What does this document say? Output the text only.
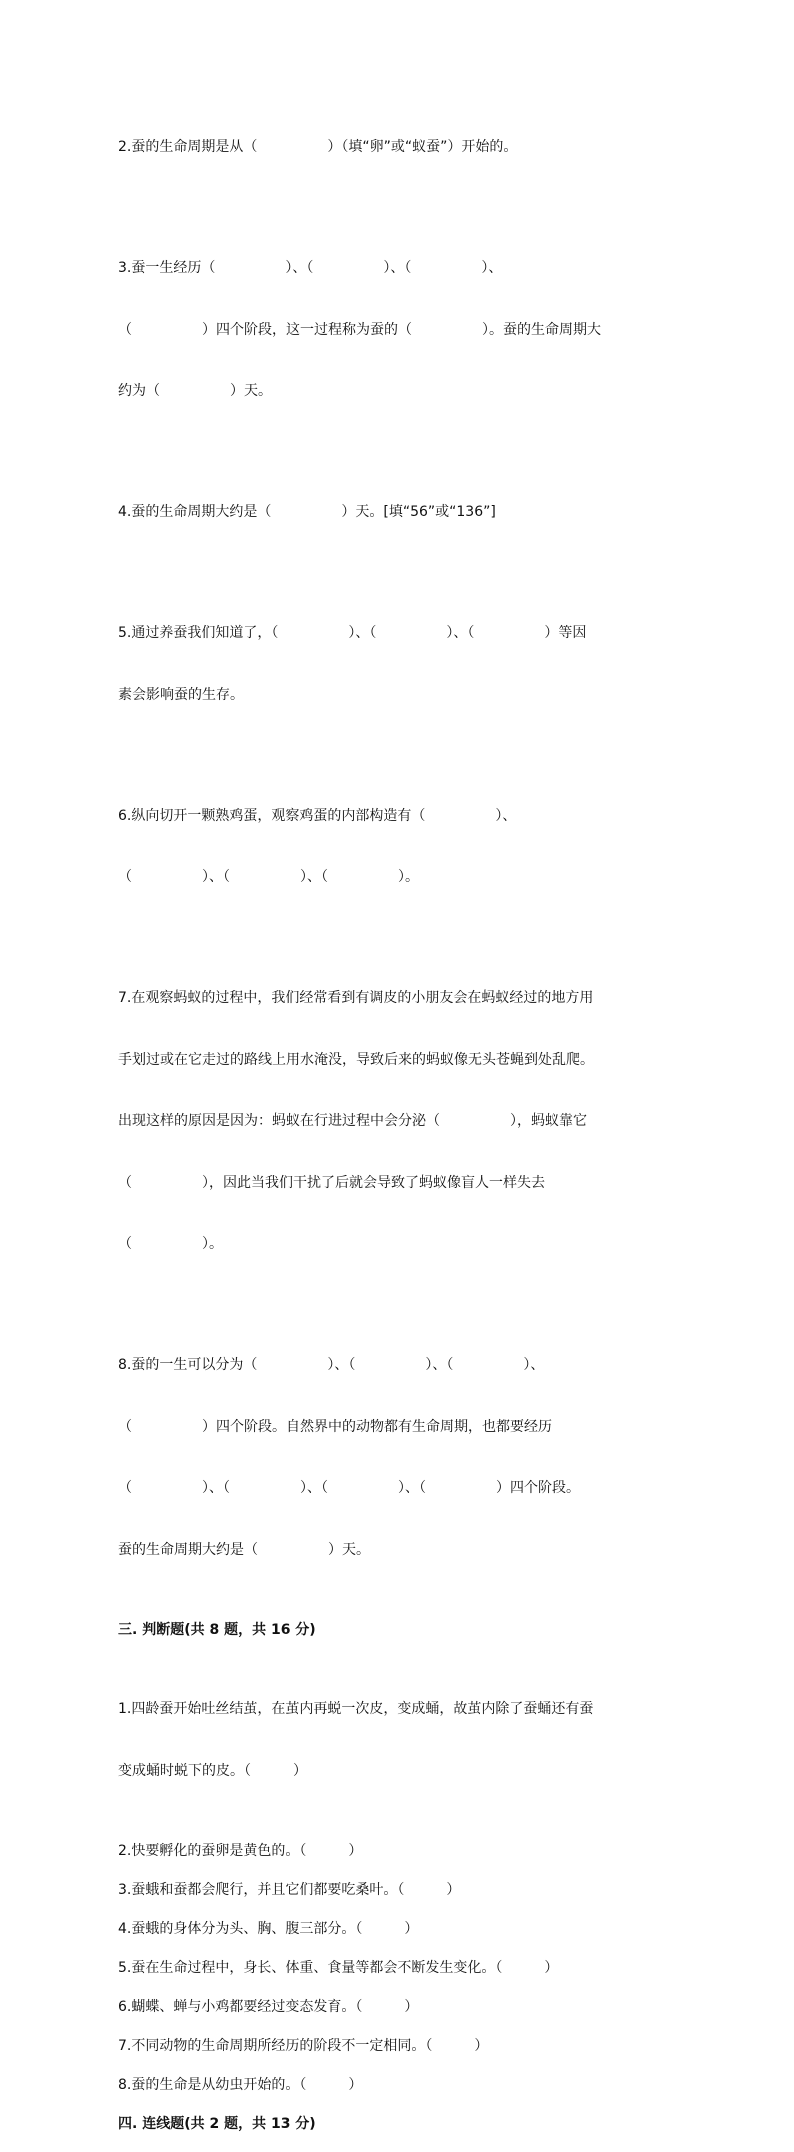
2.蚕的生命周期是从（　　　　　）（填“卵”或“蚁蚕”）开始的。

3.蚕一生经历（　　　　　）、（　　　　　）、（　　　　　）、

（　　　　　）四个阶段，这一过程称为蚕的（　　　　　）。蚕的生命周期大

约为（　　　　　）天。

4.蚕的生命周期大约是（　　　　　）天。[填“56”或“136”]

5.通过养蚕我们知道了，（　　　　　）、（　　　　　）、（　　　　　）等因

素会影响蚕的生存。

6.纵向切开一颗熟鸡蛋，观察鸡蛋的内部构造有（　　　　　）、

（　　　　　）、（　　　　　）、（　　　　　）。

7.在观察蚂蚁的过程中，我们经常看到有调皮的小朋友会在蚂蚁经过的地方用

手划过或在它走过的路线上用水淹没，导致后来的蚂蚁像无头苍蝇到处乱爬。

出现这样的原因是因为：蚂蚁在行进过程中会分泌（　　　　　），蚂蚁靠它

（　　　　　），因此当我们干扰了后就会导致了蚂蚁像盲人一样失去

（　　　　　）。

8.蚕的一生可以分为（　　　　　）、（　　　　　）、（　　　　　）、

（　　　　　）四个阶段。自然界中的动物都有生命周期，也都要经历

（　　　　　）、（　　　　　）、（　　　　　）、（　　　　　）四个阶段。

蚕的生命周期大约是（　　　　　）天。

三. 判断题(共 8 题，共 16 分)

1.四龄蚕开始吐丝结茧，在茧内再蜕一次皮，变成蛹，故茧内除了蚕蛹还有蚕

变成蛹时蜕下的皮。（　　　）

2.快要孵化的蚕卵是黄色的。（　　　）
3.蚕蛾和蚕都会爬行，并且它们都要吃桑叶。（　　　）
4.蚕蛾的身体分为头、胸、腹三部分。（　　　）
5.蚕在生命过程中，身长、体重、食量等都会不断发生变化。（　　　）
6.蝴蝶、蝉与小鸡都要经过变态发育。（　　　）
7.不同动物的生命周期所经历的阶段不一定相同。（　　　）
8.蚕的生命是从幼虫开始的。（　　　）
四. 连线题(共 2 题，共 13 分)
